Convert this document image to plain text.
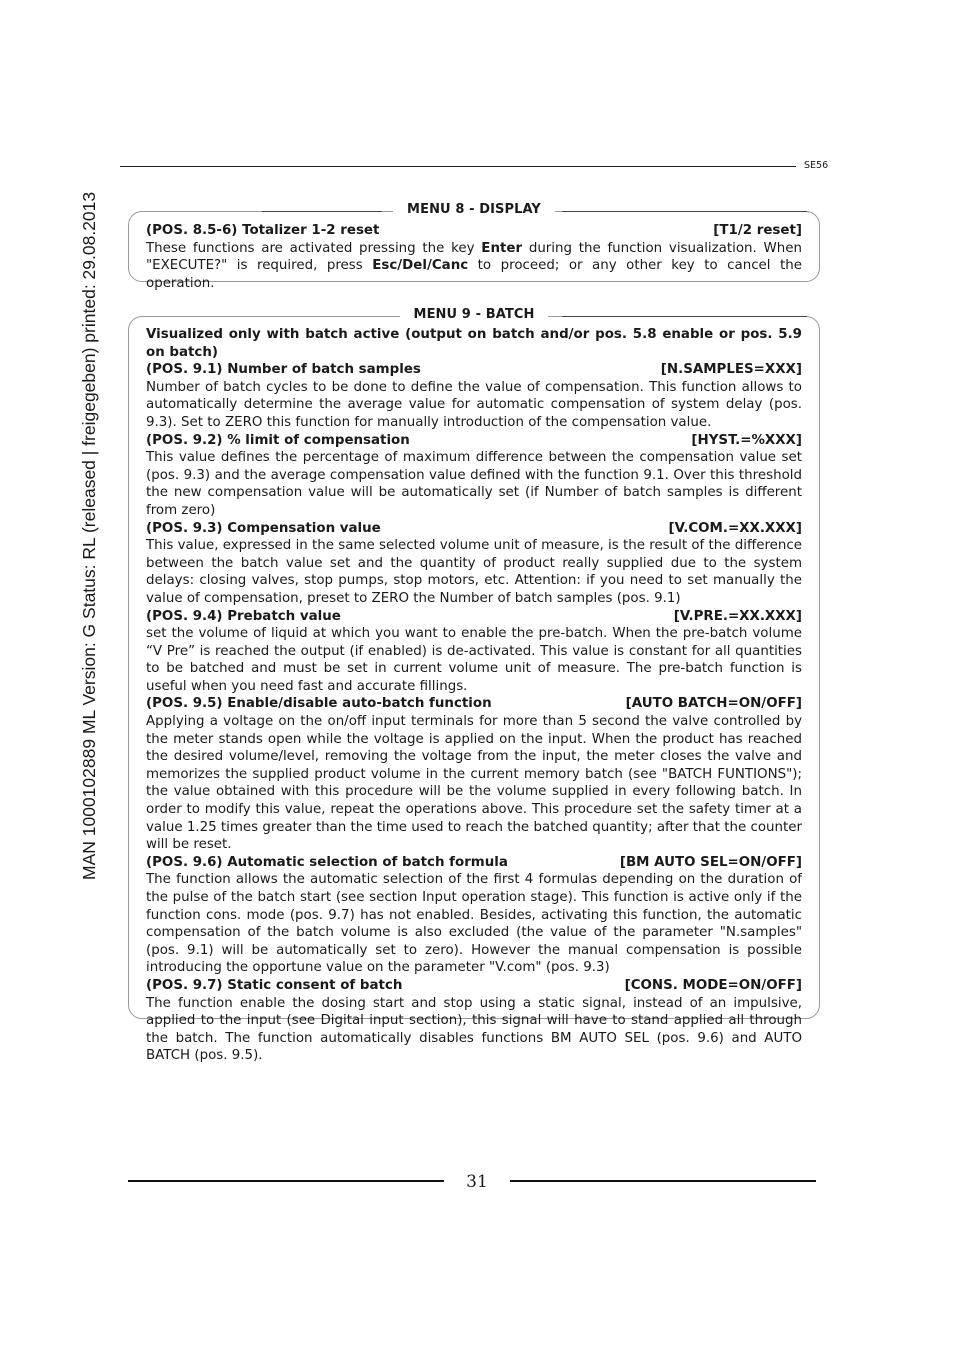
MAN 1000102889 ML Version: G Status: RL (released | freigegeben) printed: 29.08.2013
SE56
MENU 8 - DISPLAY
(POS. 8.5-6) Totalizer 1-2 reset	[T1/2 reset]

These functions are activated pressing the key Enter during the function visualization. When "EXECUTE?" is required, press Esc/Del/Canc to proceed; or any other key to cancel the operation.

MENU 9 - BATCH

Visualized only with batch active (output on batch and/or pos. 5.8 enable or pos. 5.9 on batch)

(POS. 9.1) Number of batch samples	[N.SAMPLES=XXX]

Number of batch cycles to be done to define the value of compensation. This function allows to automatically determine the average value for automatic compensation of system delay (pos. 9.3). Set to ZERO this function for manually introduction of the compensation value.

(POS. 9.2) % limit of compensation	[HYST.=%XXX]

This value defines the percentage of maximum difference between the compensation value set (pos. 9.3) and the average compensation value defined with the function 9.1. Over this threshold the new compensation value will be automatically set (if Number of batch samples is different from zero)

(POS. 9.3) Compensation value	[V.COM.=XX.XXX]

This value, expressed in the same selected volume unit of measure, is the result of the difference between the batch value set and the quantity of product really supplied due to the system delays: closing valves, stop pumps, stop motors, etc. Attention: if you need to set manually the value of compensation, preset to ZERO the Number of batch samples (pos. 9.1)

(POS. 9.4) Prebatch value	[V.PRE.=XX.XXX]

set the volume of liquid at which you want to enable the pre-batch. When the pre-batch volume “V Pre” is reached the output (if enabled) is de-activated. This value is constant for all quantities to be batched and must be set in current volume unit of measure. The pre-batch function is useful when you need fast and accurate fillings.

(POS. 9.5) Enable/disable auto-batch function	[AUTO BATCH=ON/OFF]

Applying a voltage on the on/off input terminals for more than 5 second the valve controlled by the meter stands open while the voltage is applied on the input. When the product has reached the desired volume/level, removing the voltage from the input, the meter closes the valve and memorizes the supplied product volume in the current memory batch (see "BATCH FUNTIONS"); the value obtained with this procedure will be the volume supplied in every following batch. In order to modify this value, repeat the operations above. This procedure set the safety timer at a value 1.25 times greater than the time used to reach the batched quantity; after that the counter will be reset.

(POS. 9.6) Automatic selection of batch formula	[BM AUTO SEL=ON/OFF]

The function allows the automatic selection of the first 4 formulas depending on the duration of the pulse of the batch start (see section Input operation stage). This function is active only if the function cons. mode (pos. 9.7) has not enabled. Besides, activating this function, the automatic compensation of the batch volume is also excluded (the value of the parameter "N.samples" (pos. 9.1) will be automatically set to zero). However the manual compensation is possible introducing the opportune value on the parameter "V.com" (pos. 9.3)

(POS. 9.7) Static consent of batch	[CONS. MODE=ON/OFF]

The function enable the dosing start and stop using a static signal, instead of an impulsive, applied to the input (see Digital input section), this signal will have to stand applied all through the batch. The function automatically disables functions BM AUTO SEL (pos. 9.6) and AUTO BATCH (pos. 9.5).

31
